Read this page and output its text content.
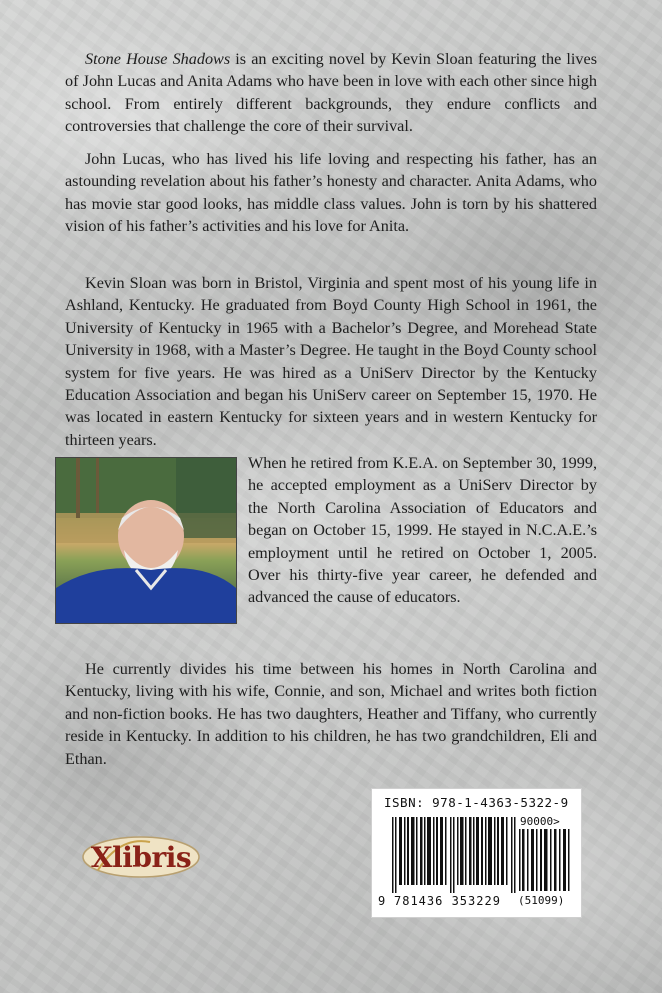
Stone House Shadows is an exciting novel by Kevin Sloan featuring the lives of John Lucas and Anita Adams who have been in love with each other since high school. From entirely different backgrounds, they endure conflicts and controversies that challenge the core of their survival.

John Lucas, who has lived his life loving and respecting his father, has an astounding revelation about his father’s honesty and character. Anita Adams, who has movie star good looks, has middle class values. John is torn by his shattered vision of his father’s activities and his love for Anita.

Kevin Sloan was born in Bristol, Virginia and spent most of his young life in Ashland, Kentucky. He graduated from Boyd County High School in 1961, the University of Kentucky in 1965 with a Bachelor’s Degree, and Morehead State University in 1968, with a Master’s Degree. He taught in the Boyd County school system for five years. He was hired as a UniServ Director by the Kentucky Education Association and began his UniServ career on September 15, 1970. He was located in eastern Kentucky for sixteen years and in western Kentucky for thirteen years.

When he retired from K.E.A. on September 30, 1999, he accepted employment as a UniServ Director by the North Carolina Association of Educators and began on October 15, 1999. He stayed in N.C.A.E.’s employment until he retired on October 1, 2005. Over his thirty-five year career, he defended and advanced the cause of educators.

He currently divides his time between his homes in North Carolina and Kentucky, living with his wife, Connie, and son, Michael and writes both fiction and non-fiction books. He has two daughters, Heather and Tiffany, who currently reside in Kentucky. In addition to his children, he has two grandchildren, Eli and Ethan.

Xlibris
ISBN: 978-1-4363-5322-9
90000>
9 781436 353229 (51099)
